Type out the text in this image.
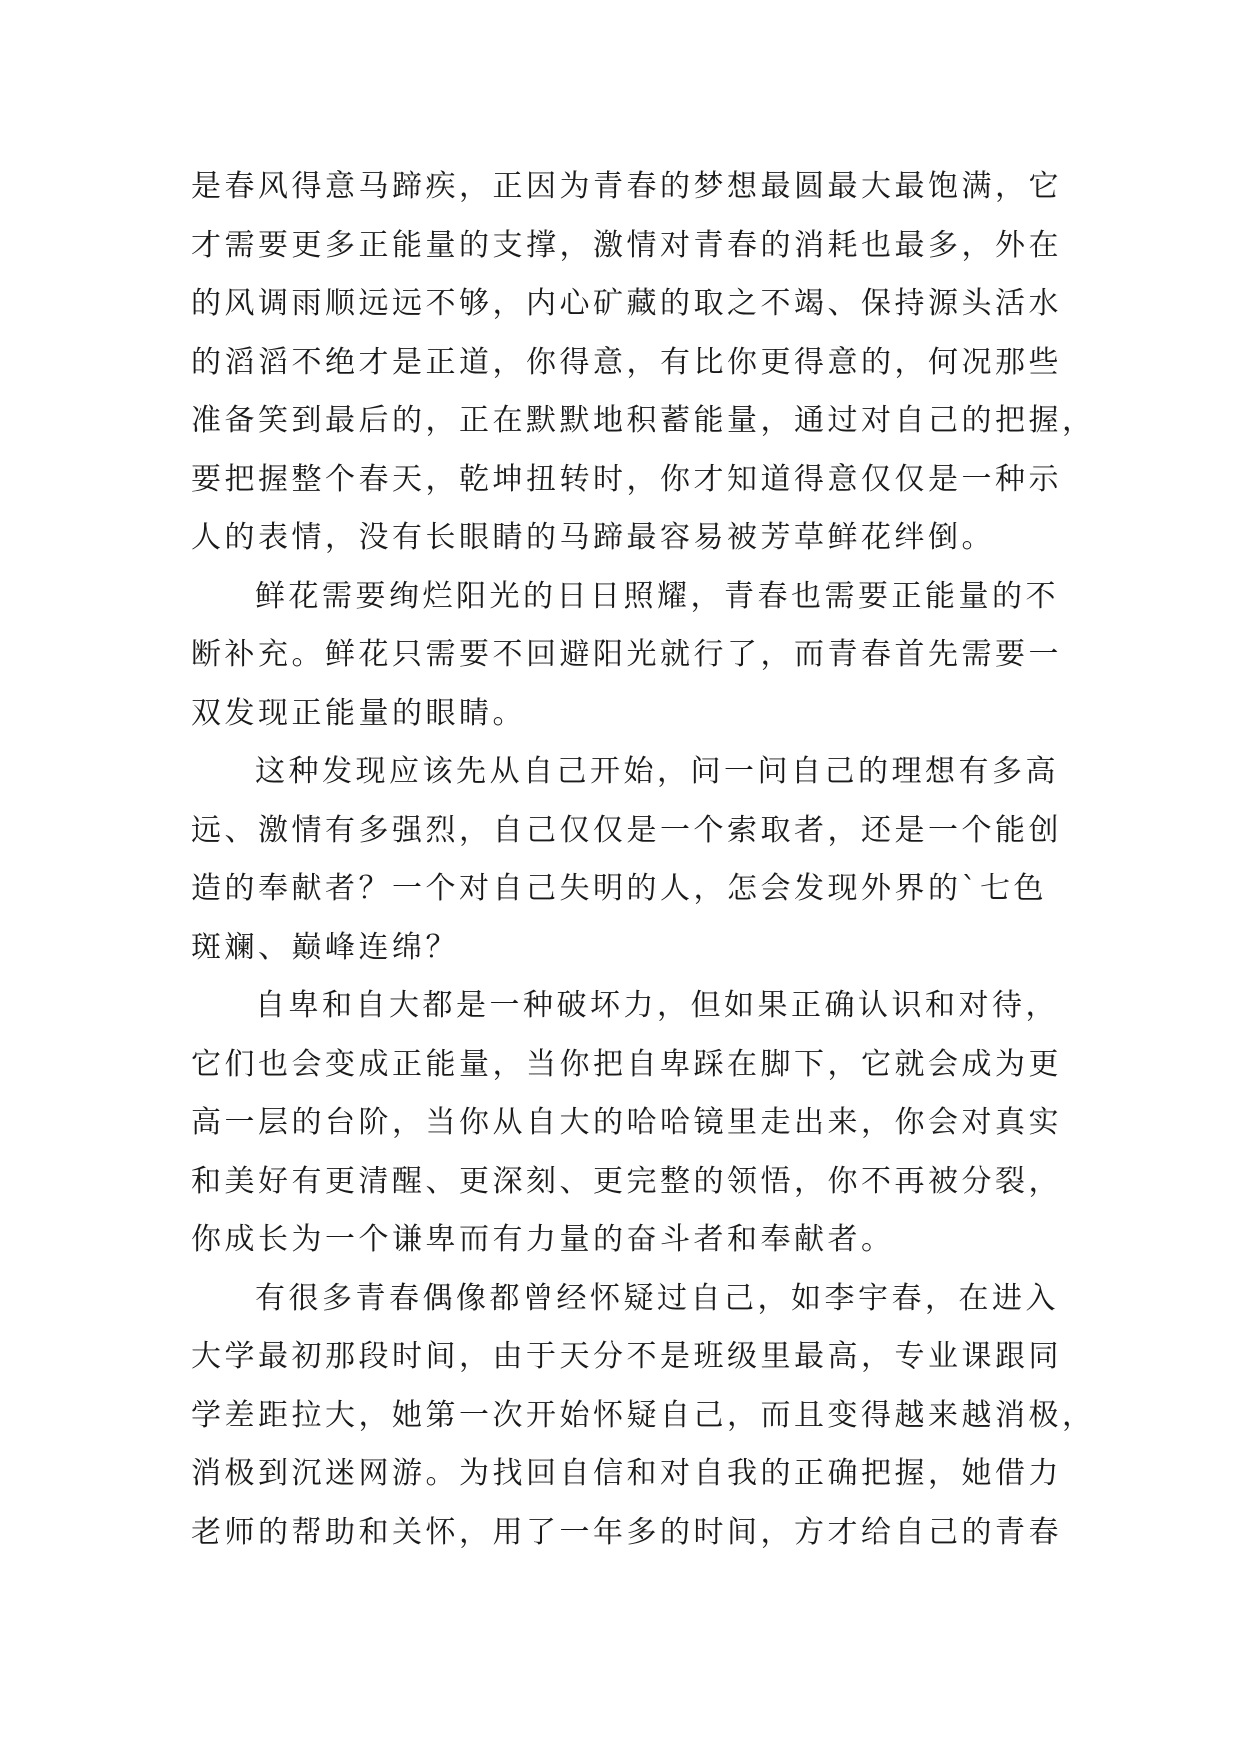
是春风得意马蹄疾，正因为青春的梦想最圆最大最饱满，它
才需要更多正能量的支撑，激情对青春的消耗也最多，外在
的风调雨顺远远不够，内心矿藏的取之不竭、保持源头活水
的滔滔不绝才是正道，你得意，有比你更得意的，何况那些
准备笑到最后的，正在默默地积蓄能量，通过对自己的把握，
要把握整个春天，乾坤扭转时，你才知道得意仅仅是一种示
人的表情，没有长眼睛的马蹄最容易被芳草鲜花绊倒。
鲜花需要绚烂阳光的日日照耀，青春也需要正能量的不
断补充。鲜花只需要不回避阳光就行了，而青春首先需要一
双发现正能量的眼睛。
这种发现应该先从自己开始，问一问自己的理想有多高
远、激情有多强烈，自己仅仅是一个索取者，还是一个能创
造的奉献者？一个对自己失明的人，怎会发现外界的`七色
斑斓、巅峰连绵？
自卑和自大都是一种破坏力，但如果正确认识和对待，
它们也会变成正能量，当你把自卑踩在脚下，它就会成为更
高一层的台阶，当你从自大的哈哈镜里走出来，你会对真实
和美好有更清醒、更深刻、更完整的领悟，你不再被分裂，
你成长为一个谦卑而有力量的奋斗者和奉献者。
有很多青春偶像都曾经怀疑过自己，如李宇春，在进入
大学最初那段时间，由于天分不是班级里最高，专业课跟同
学差距拉大，她第一次开始怀疑自己，而且变得越来越消极，
消极到沉迷网游。为找回自信和对自我的正确把握，她借力
老师的帮助和关怀，用了一年多的时间，方才给自己的青春
